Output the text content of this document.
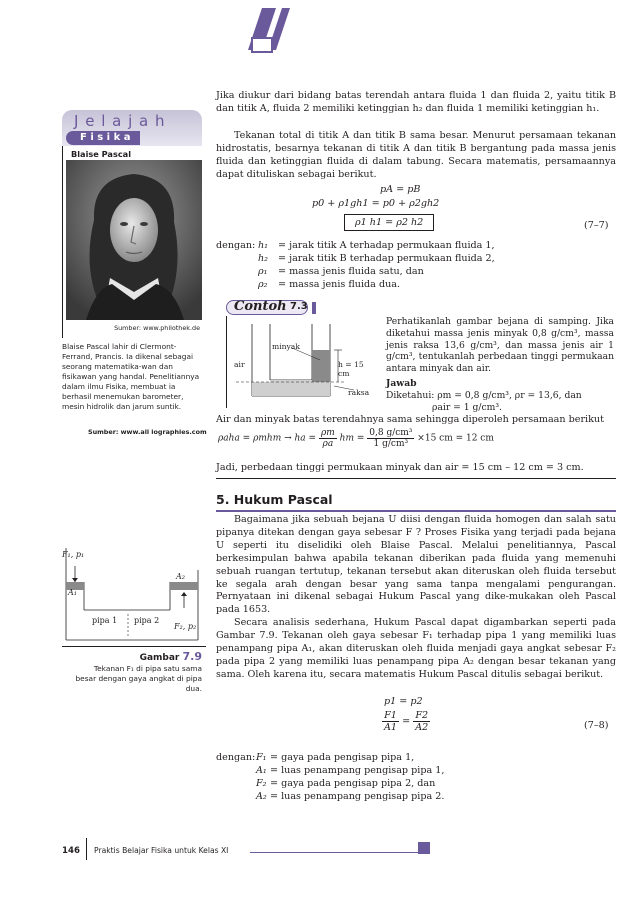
J e l a j a h
F i s i k a
Blaise Pascal
Sumber: www.philothek.de
Blaise Pascal lahir di Clermont-Ferrand, Prancis. Ia dikenal sebagai seorang matematika-wan dan fisikawan yang handal. Penelitiannya dalam ilmu Fisika, membuat ia berhasil menemukan barometer, mesin hidrolik dan jarum suntik.
Sumber: www.all iographies.com
F₁, p₁
A₁
A₂
pipa 1 pipa 2
F₂, p₂
Gambar 7.9
Tekanan F₁ di pipa satu sama besar dengan gaya angkat di pipa dua.
Jika diukur dari bidang batas terendah antara fluida 1 dan fluida 2, yaitu titik B dan titik A, fluida 2 memiliki ketinggian h₂ dan fluida 1 memiliki ketinggian h₁.
Tekanan total di titik A dan titik B sama besar. Menurut persamaan tekanan hidrostatis, besarnya tekanan di titik A dan titik B bergantung pada massa jenis fluida dan ketinggian fluida di dalam tabung. Secara matematis, persamaannya dapat dituliskan sebagai berikut.
pA = pB
p0 + ρ1gh1 = p0 + ρ2gh2
ρ1 h1 = ρ2 h2	(7–7)
dengan: h₁ = jarak titik A terhadap permukaan fluida 1,
h₂ = jarak titik B terhadap permukaan fluida 2,
ρ₁ = massa jenis fluida satu, dan
ρ₂ = massa jenis fluida dua.
Contoh 7.3
minyak
air	h = 15 cm
raksa
Perhatikanlah gambar bejana di samping. Jika diketahui massa jenis minyak 0,8 g/cm³, massa jenis raksa 13,6 g/cm³, dan massa jenis air 1 g/cm³, tentukanlah perbedaan tinggi permukaan antara minyak dan air.
Jawab
Diketahui: ρm = 0,8 g/cm³, ρr = 13,6, dan
ρair = 1 g/cm³.
Air dan minyak batas terendahnya sama sehingga diperoleh persamaan berikut
ρaha = ρmhm → ha = $\frac{\rho m}{\rho a}$ hm = $\frac{\text{0,8 g/cm³}}{\text{1 g/cm³}} \times 15$ cm = 12 cm
Jadi, perbedaan tinggi permukaan minyak dan air = 15 cm – 12 cm = 3 cm.
5. Hukum Pascal
Bagaimana jika sebuah bejana U diisi dengan fluida homogen dan salah satu pipanya ditekan dengan gaya sebesar F ? Proses Fisika yang terjadi pada bejana U seperti itu diselidiki oleh Blaise Pascal. Melalui penelitiannya, Pascal berkesimpulan bahwa apabila tekanan diberikan pada fluida yang memenuhi sebuah ruangan tertutup, tekanan tersebut akan diteruskan oleh fluida tersebut ke segala arah dengan besar yang sama tanpa mengalami pengurangan. Pernyataan ini dikenal sebagai Hukum Pascal yang dike-mukakan oleh Pascal pada 1653.
Secara analisis sederhana, Hukum Pascal dapat digambarkan seperti pada Gambar 7.9. Tekanan oleh gaya sebesar F₁ terhadap pipa 1 yang memiliki luas penampang pipa A₁, akan diteruskan oleh fluida menjadi gaya angkat sebesar F₂ pada pipa 2 yang memiliki luas penampang pipa A₂ dengan besar tekanan yang sama. Oleh karena itu, secara matematis Hukum Pascal ditulis sebagai berikut.
p1 = p2
$\frac{F1}{A1} = \frac{F2}{A2}$	(7–8)
dengan: F₁ = gaya pada pengisap pipa 1,
A₁ = luas penampang pengisap pipa 1,
F₂ = gaya pada pengisap pipa 2, dan
A₂ = luas penampang pengisap pipa 2.
146 Praktis Belajar Fisika untuk Kelas XI
